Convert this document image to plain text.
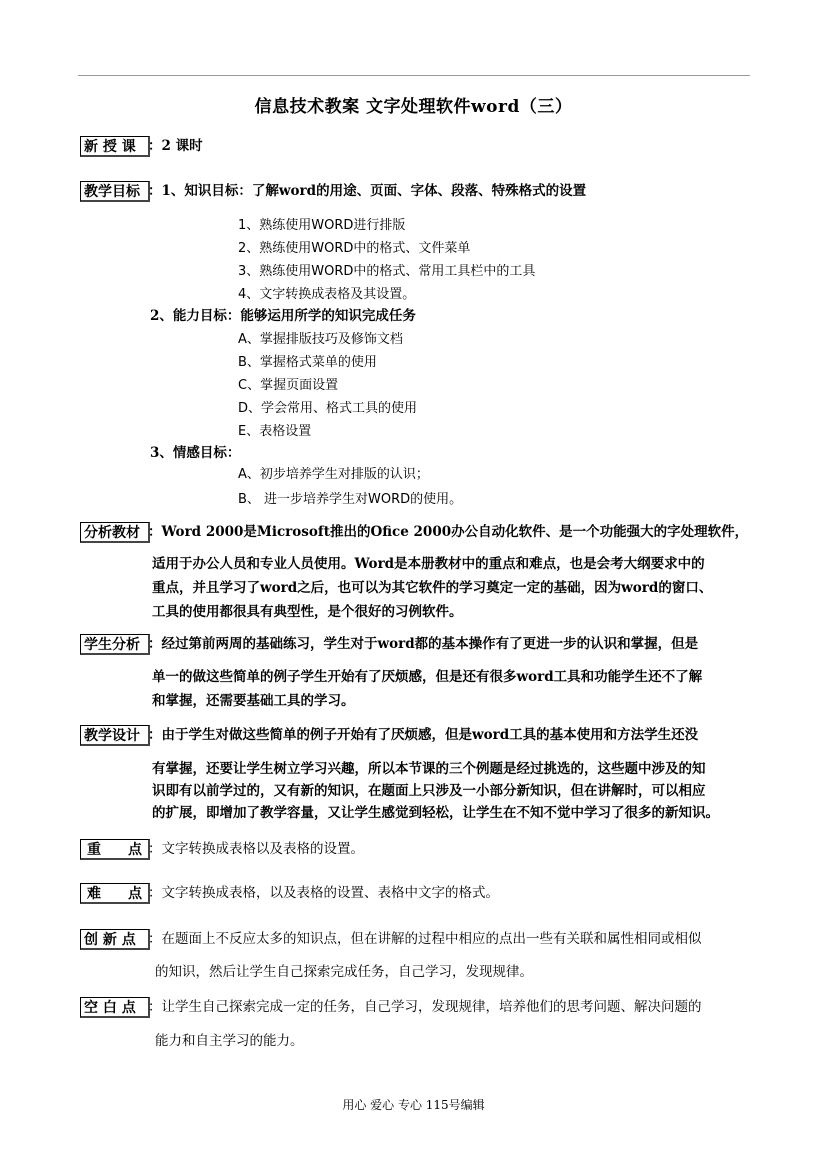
信息技术教案 文字处理软件word（三）
新 授 课 ：2 课时
教学目标 ：1、知识目标：了解word的用途、页面、字体、段落、特殊格式的设置
1、熟练使用WORD进行排版
2、熟练使用WORD中的格式、文件菜单
3、熟练使用WORD中的格式、常用工具栏中的工具
4、文字转换成表格及其设置。
2、能力目标：能够运用所学的知识完成任务
A、掌握排版技巧及修饰文档
B、掌握格式菜单的使用
C、掌握页面设置
D、学会常用、格式工具的使用
E、表格设置
3、情感目标：
A、初步培养学生对排版的认识；
B、 进一步培养学生对WORD的使用。
分析教材 ：Word 2000是Microsoft推出的Ofice 2000办公自动化软件、是一个功能强大的字处理软件，
适用于办公人员和专业人员使用。Word是本册教材中的重点和难点，也是会考大纲要求中的
重点，并且学习了word之后，也可以为其它软件的学习奠定一定的基础，因为word的窗口、
工具的使用都很具有典型性，是个很好的习例软件。
学生分析 ：经过第前两周的基础练习，学生对于word都的基本操作有了更进一步的认识和掌握，但是
单一的做这些简单的例子学生开始有了厌烦感，但是还有很多word工具和功能学生还不了解
和掌握，还需要基础工具的学习。
教学设计 ：由于学生对做这些简单的例子开始有了厌烦感，但是word工具的基本使用和方法学生还没
有掌握，还要让学生树立学习兴趣，所以本节课的三个例题是经过挑选的，这些题中涉及的知
识即有以前学过的，又有新的知识，在题面上只涉及一小部分新知识，但在讲解时，可以相应
的扩展，即增加了教学容量，又让学生感觉到轻松，让学生在不知不觉中学习了很多的新知识。
重 点 ：文字转换成表格以及表格的设置。
难 点 ：文字转换成表格，以及表格的设置、表格中文字的格式。
创 新 点 ：在题面上不反应太多的知识点，但在讲解的过程中相应的点出一些有关联和属性相同或相似
的知识，然后让学生自己探索完成任务，自己学习，发现规律。
空 白 点 ：让学生自己探索完成一定的任务，自己学习，发现规律，培养他们的思考问题、解决问题的
能力和自主学习的能力。
用心 爱心 专心 115号编辑
